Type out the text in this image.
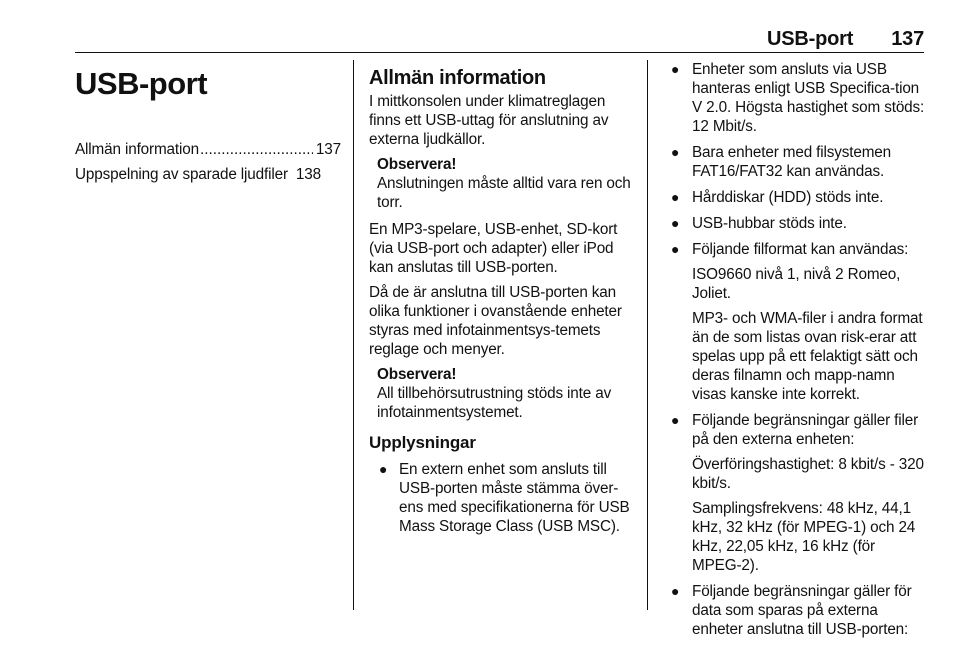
USB-port 137
USB-port
Allmän information
.....	137
Uppspelning av sparade ljudfiler 138
Allmän information

I mittkonsolen under klimatreglagen finns ett USB-uttag för anslutning av externa ljudkällor.

Observera!
Anslutningen måste alltid vara ren och torr.

En MP3-spelare, USB-enhet, SD-kort (via USB-port och adapter) eller iPod kan anslutas till USB-porten.

Då de är anslutna till USB-porten kan olika funktioner i ovanstående enheter styras med infotainmentsys-temets reglage och menyer.

Observera!
All tillbehörsutrustning stöds inte av infotainmentsystemet.
Upplysningar
● En extern enhet som ansluts till USB-porten måste stämma över-ens med specifikationerna för USB Mass Storage Class (USB MSC).
● Enheter som ansluts via USB hanteras enligt USB Specifica-tion V 2.0. Högsta hastighet som stöds: 12 Mbit/s.

● Bara enheter med filsystemen FAT16/FAT32 kan användas.

● Hårddiskar (HDD) stöds inte.

● USB-hubbar stöds inte.

● Följande filformat kan användas:

ISO9660 nivå 1, nivå 2 Romeo, Joliet.

MP3- och WMA-filer i andra format än de som listas ovan risk-erar att spelas upp på ett felaktigt sätt och deras filnamn och mapp-namn visas kanske inte korrekt.

● Följande begränsningar gäller filer på den externa enheten:

Överföringshastighet: 8 kbit/s - 320 kbit/s.

Samplingsfrekvens: 48 kHz, 44,1 kHz, 32 kHz (för MPEG-1) och 24 kHz, 22,05 kHz, 16 kHz (för MPEG-2).

● Följande begränsningar gäller för data som sparas på externa enheter anslutna till USB-porten:
